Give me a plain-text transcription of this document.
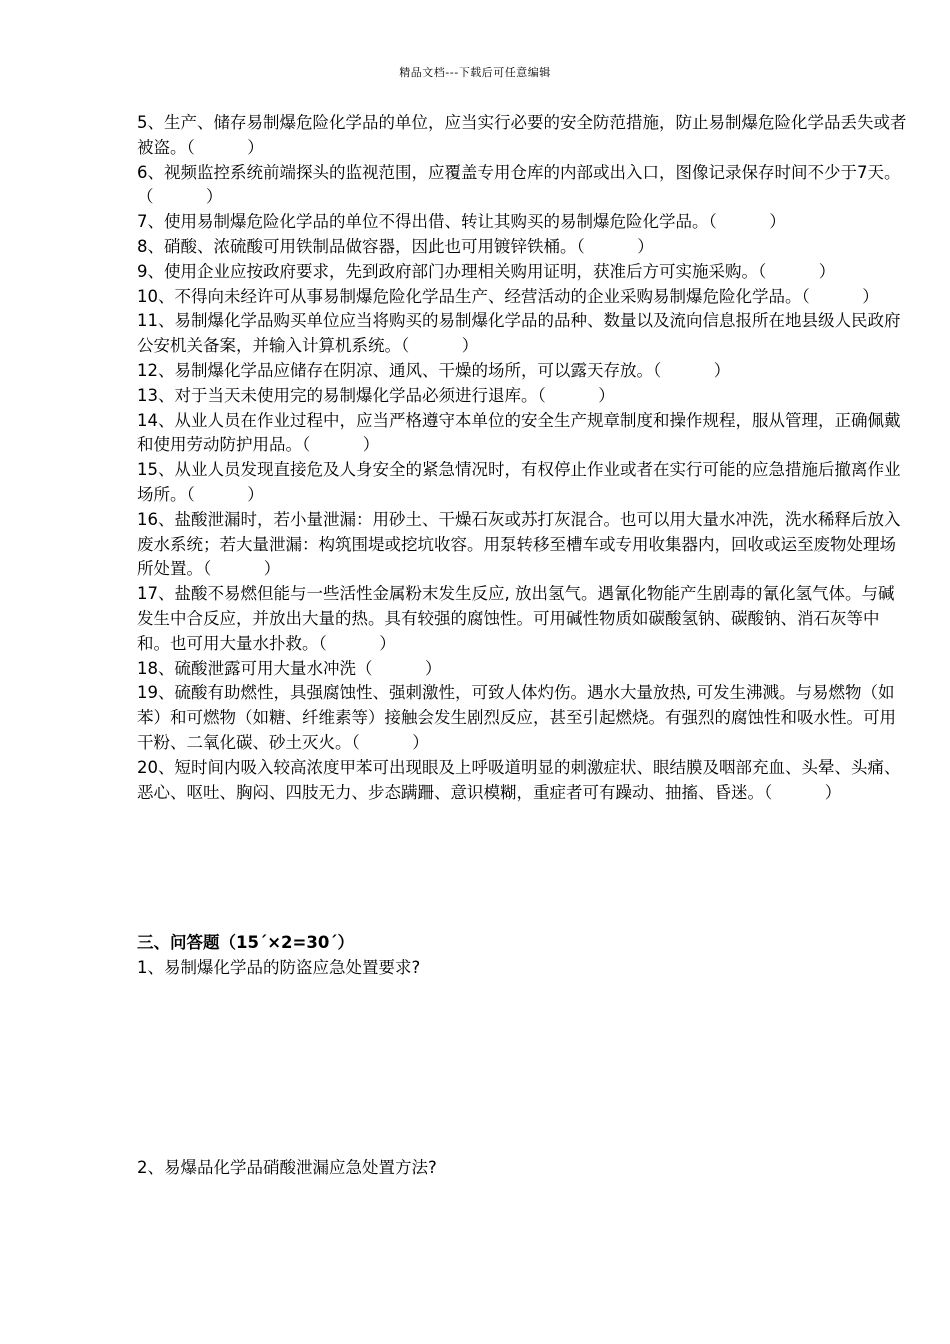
精品文档---下载后可任意编辑

5、生产、储存易制爆危险化学品的单位，应当实行必要的安全防范措施，防止易制爆危险化学品丢失或者被盗。（          ）

6、视频监控系统前端探头的监视范围，应覆盖专用仓库的内部或出入口，图像记录保存时间不少于7天。（          ）

7、使用易制爆危险化学品的单位不得出借、转让其购买的易制爆危险化学品。（          ）

8、硝酸、浓硫酸可用铁制品做容器，因此也可用镀锌铁桶。（          ）

9、使用企业应按政府要求，先到政府部门办理相关购用证明，获准后方可实施采购。（          ）

10、不得向未经许可从事易制爆危险化学品生产、经营活动的企业采购易制爆危险化学品。（          ）

11、易制爆化学品购买单位应当将购买的易制爆化学品的品种、数量以及流向信息报所在地县级人民政府公安机关备案，并输入计算机系统。（          ）

12、易制爆化学品应储存在阴凉、通风、干燥的场所，可以露天存放。（          ）

13、对于当天未使用完的易制爆化学品必须进行退库。（          ）

14、从业人员在作业过程中，应当严格遵守本单位的安全生产规章制度和操作规程，服从管理，正确佩戴和使用劳动防护用品。（          ）

15、从业人员发现直接危及人身安全的紧急情况时，有权停止作业或者在实行可能的应急措施后撤离作业场所。（          ）

16、盐酸泄漏时，若小量泄漏：用砂土、干燥石灰或苏打灰混合。也可以用大量水冲洗，洗水稀释后放入废水系统；若大量泄漏：构筑围堤或挖坑收容。用泵转移至槽车或专用收集器内，回收或运至废物处理场所处置。（          ）

17、盐酸不易燃但能与一些活性金属粉末发生反应, 放出氢气。遇氰化物能产生剧毒的氰化氢气体。与碱发生中合反应，并放出大量的热。具有较强的腐蚀性。可用碱性物质如碳酸氢钠、碳酸钠、消石灰等中和。也可用大量水扑救。（          ）

18、硫酸泄露可用大量水冲洗（          ）

19、硫酸有助燃性，具强腐蚀性、强刺激性，可致人体灼伤。遇水大量放热, 可发生沸溅。与易燃物（如苯）和可燃物（如糖、纤维素等）接触会发生剧烈反应，甚至引起燃烧。有强烈的腐蚀性和吸水性。可用干粉、二氧化碳、砂土灭火。（          ）

20、短时间内吸入较高浓度甲苯可出现眼及上呼吸道明显的刺激症状、眼结膜及咽部充血、头晕、头痛、恶心、呕吐、胸闷、四肢无力、步态蹒跚、意识模糊，重症者可有躁动、抽搐、昏迷。（          ）

三、问答题（15´×2=30´）
1、易制爆化学品的防盗应急处置要求?
2、易爆品化学品硝酸泄漏应急处置方法?
